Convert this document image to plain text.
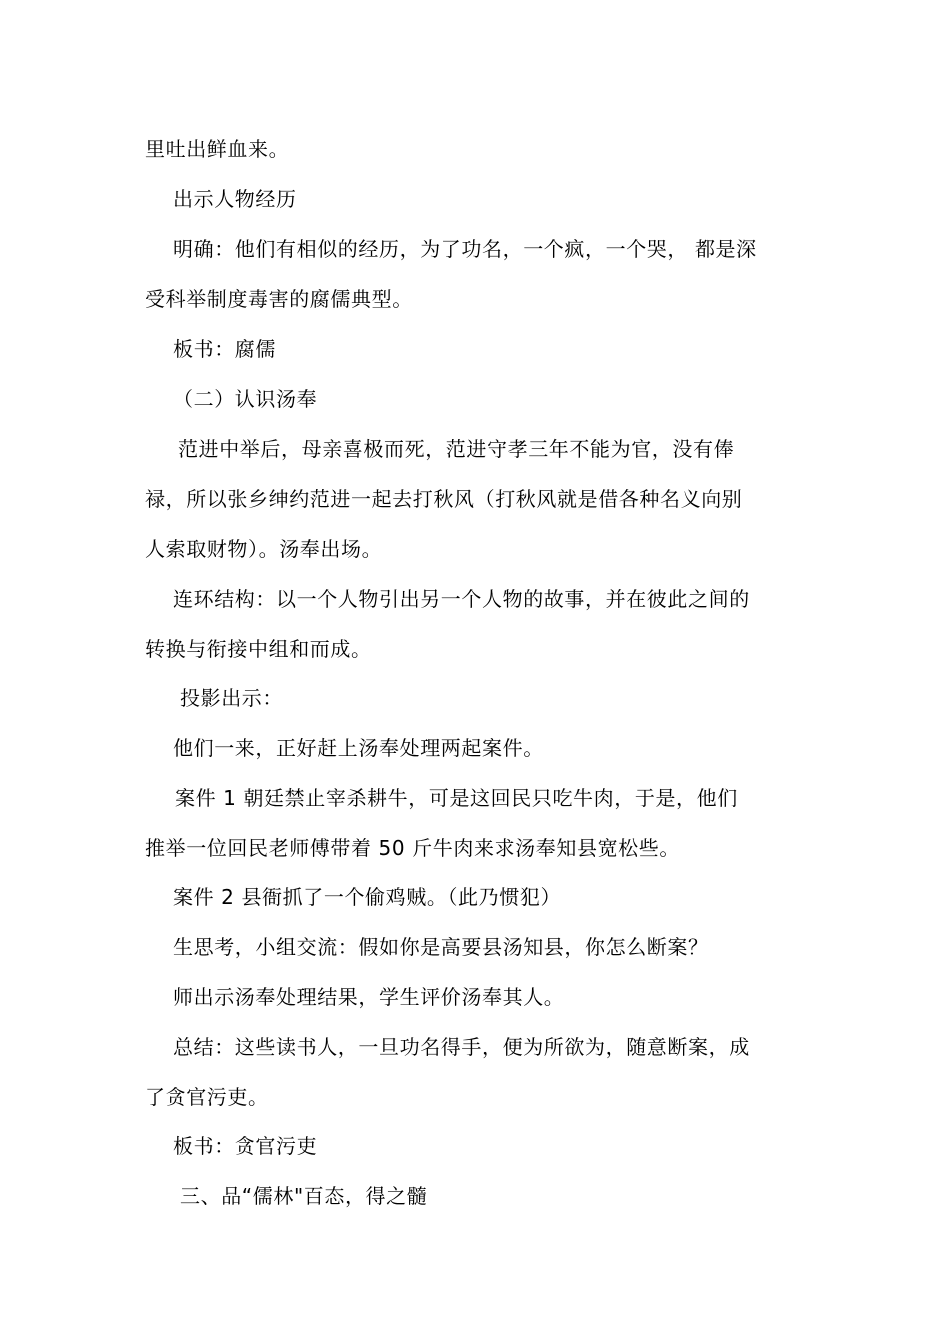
里吐出鲜血来。
出示人物经历
明确：他们有相似的经历，为了功名，一个疯，一个哭， 都是深
受科举制度毒害的腐儒典型。
板书：腐儒
（二）认识汤奉
范进中举后，母亲喜极而死，范进守孝三年不能为官，没有俸
禄，所以张乡绅约范进一起去打秋风（打秋风就是借各种名义向别
人索取财物）。汤奉出场。
连环结构：以一个人物引出另一个人物的故事，并在彼此之间的
转换与衔接中组和而成。
投影出示：
他们一来，正好赶上汤奉处理两起案件。
案件 1 朝廷禁止宰杀耕牛，可是这回民只吃牛肉，于是，他们
推举一位回民老师傅带着 50 斤牛肉来求汤奉知县宽松些。
案件 2 县衙抓了一个偷鸡贼。（此乃惯犯）
生思考，小组交流：假如你是高要县汤知县，你怎么断案？
师出示汤奉处理结果，学生评价汤奉其人。
总结：这些读书人，一旦功名得手，便为所欲为，随意断案，成
了贪官污吏。
板书：贪官污吏
三、品“儒林"百态，得之髓
